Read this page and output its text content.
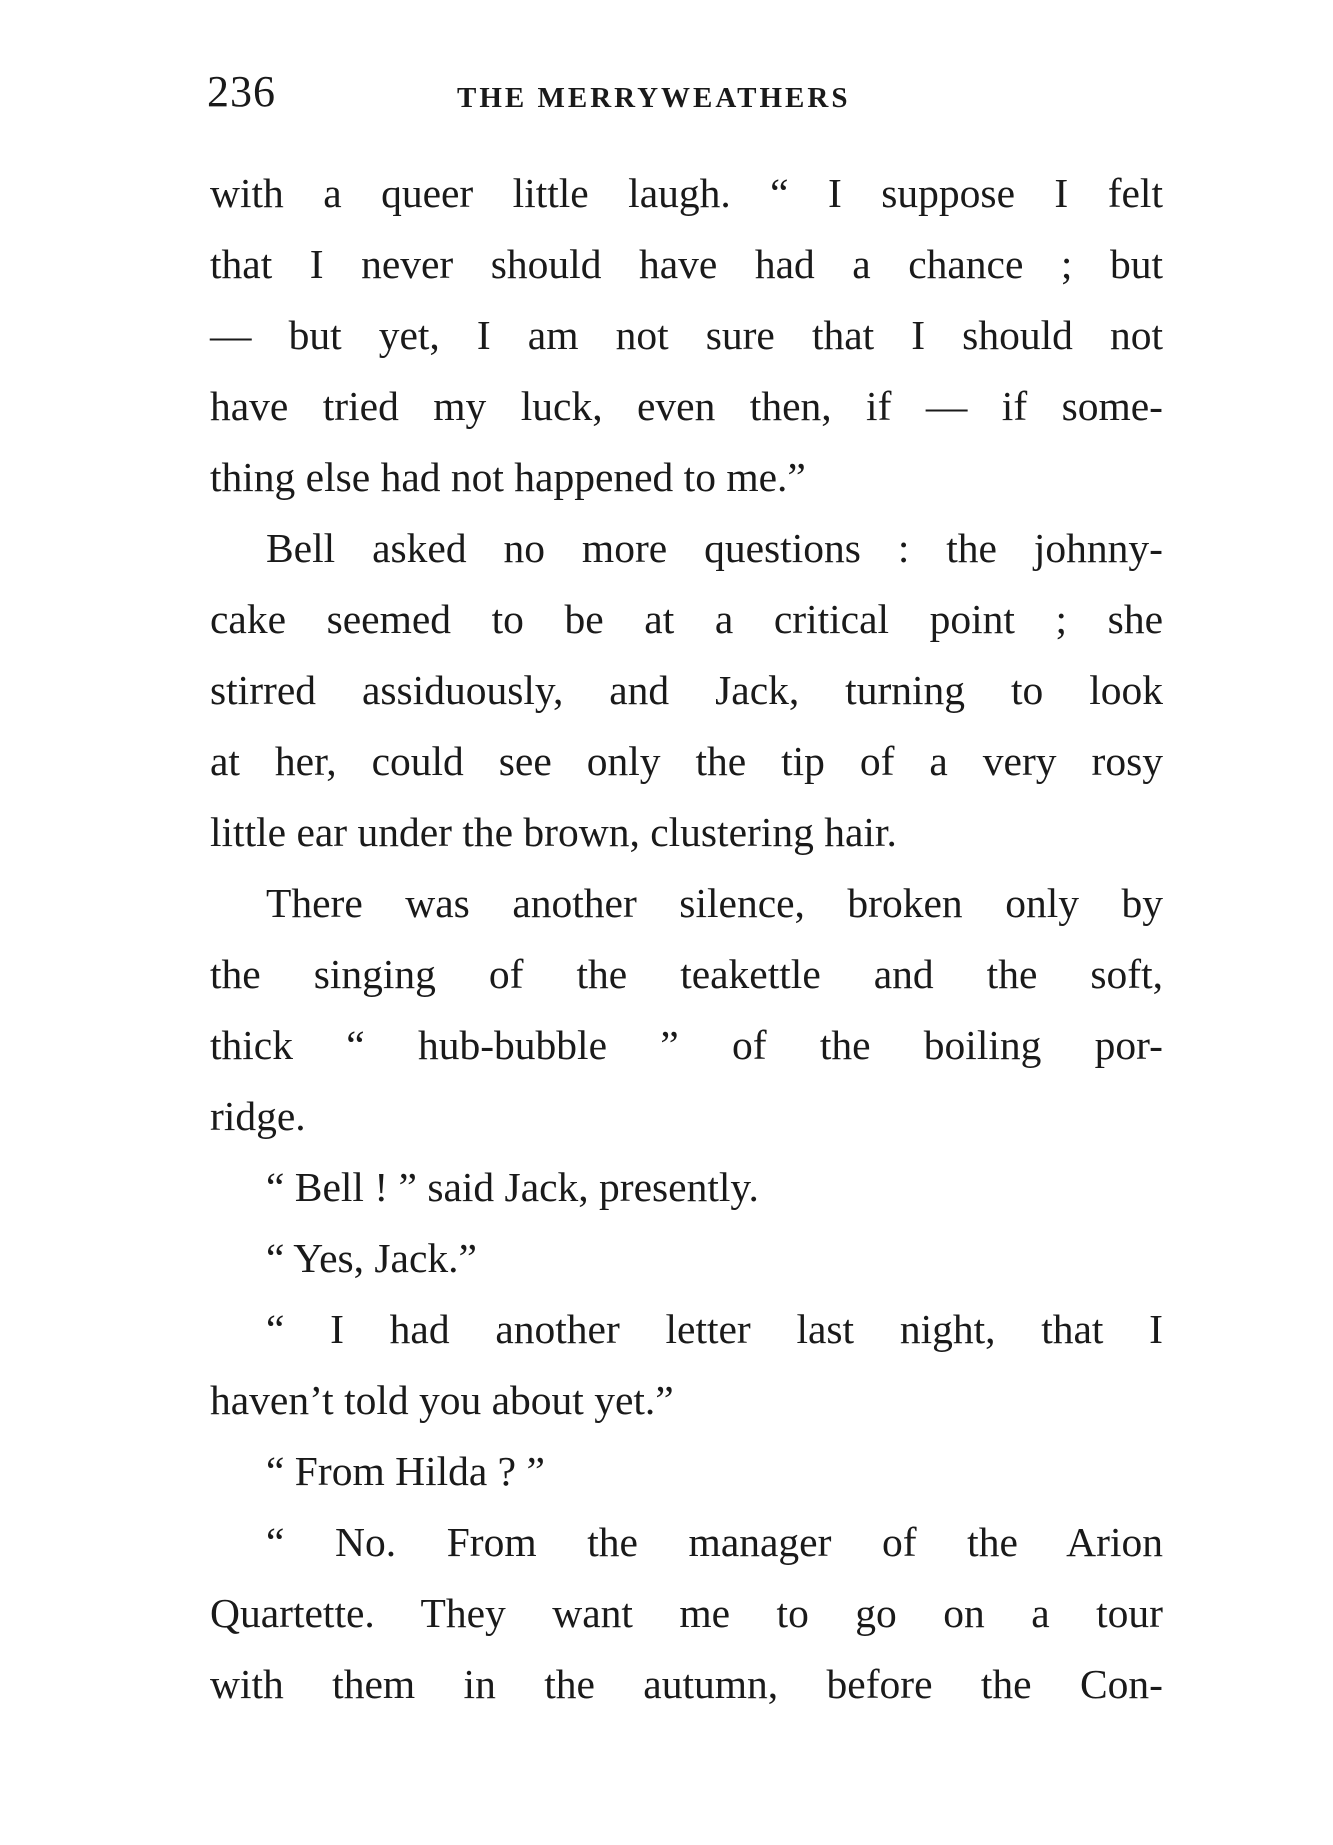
236	THE MERRYWEATHERS
with a queer little laugh. “ I suppose I felt
that I never should have had a chance ; but
— but yet, I am not sure that I should not
have tried my luck, even then, if — if some-
thing else had not happened to me.”
Bell asked no more questions : the johnny-
cake seemed to be at a critical point ; she
stirred assiduously, and Jack, turning to look
at her, could see only the tip of a very rosy
little ear under the brown, clustering hair.
There was another silence, broken only by
the singing of the teakettle and the soft,
thick “ hub-bubble ” of the boiling por-
ridge.
“ Bell ! ” said Jack, presently.
“ Yes, Jack.”
“ I had another letter last night, that I
haven’t told you about yet.”
“ From Hilda ? ”
“ No. From the manager of the Arion
Quartette. They want me to go on a tour
with them in the autumn, before the Con-
